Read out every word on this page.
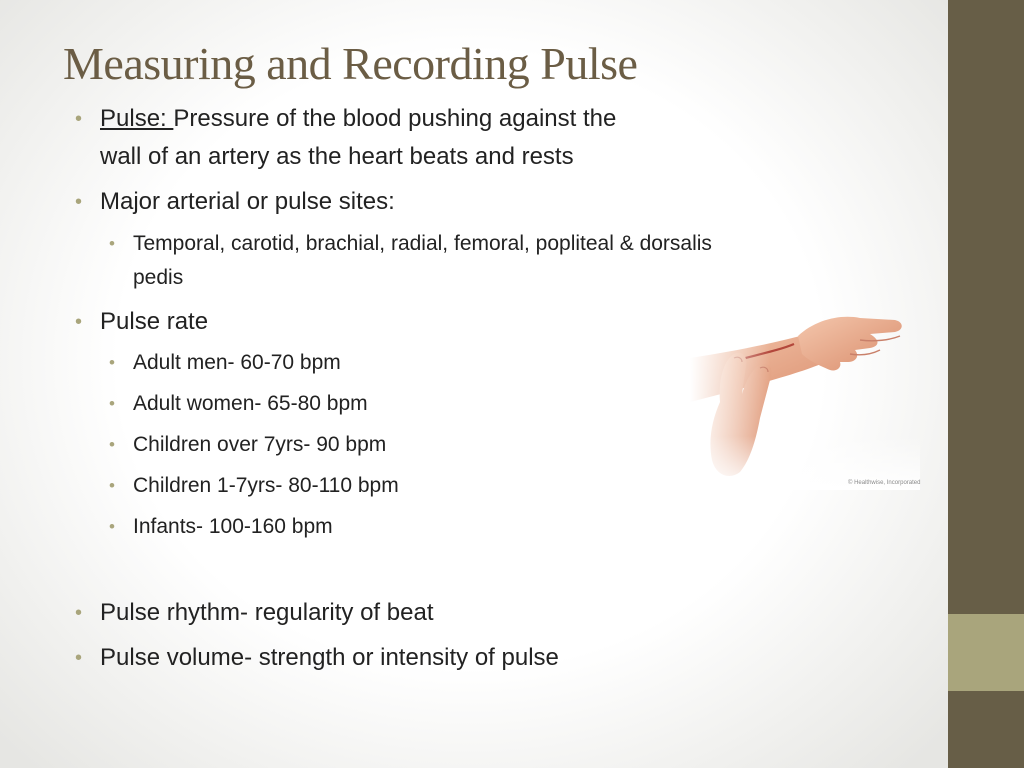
Measuring and Recording Pulse
• Pulse: Pressure of the blood pushing against the
wall of an artery as the heart beats and rests
• Major arterial or pulse sites:
• Temporal, carotid, brachial, radial, femoral, popliteal & dorsalis
pedis
• Pulse rate
• Adult men- 60-70 bpm
• Adult women- 65-80 bpm
• Children over 7yrs- 90 bpm
• Children 1-7yrs- 80-110 bpm
• Infants- 100-160 bpm
• Pulse rhythm- regularity of beat
• Pulse volume- strength or intensity of pulse
© Healthwise, Incorporated
